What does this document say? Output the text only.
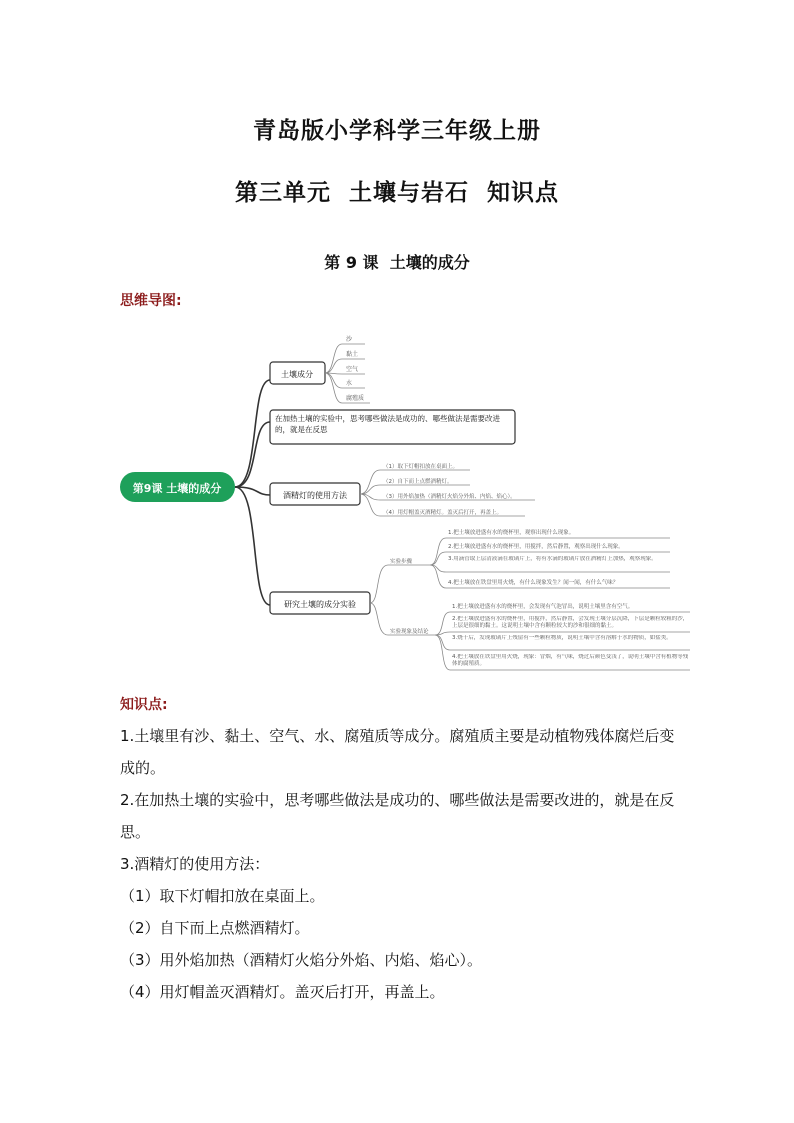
青岛版小学科学三年级上册
第三单元  土壤与岩石  知识点
第 9 课  土壤的成分
思维导图:
第9课 土壤的成分
土壤成分
沙
黏土
空气
水
腐殖质
在加热土壤的实验中，思考哪些做法是成功的、哪些做法是需要改进的，就是在反思
酒精灯的使用方法
（1）取下灯帽扣放在桌面上。
（2）自下而上点燃酒精灯。
（3）用外焰加热（酒精灯火焰分外焰、内焰、焰心）。
（4）用灯帽盖灭酒精灯。盖灭后打开，再盖上。
研究土壤的成分实验
实验步骤
实验现象及结论
1.把土壤放进盛有水的烧杯里，观察出现什么现象。
2.把土壤放进盛有水的烧杯里，用搅拌，然后静置，观察出现什么现象。
3.用滴管取上层清液滴在玻璃片上，将有水滴的玻璃片放在酒精灯上加热，观察现象。
4.把土壤放在铁盘里用火烧，有什么现象发生？闻一闻，有什么气味？
1.把土壤放进盛有水的烧杯里，会发现有气泡冒出，说明土壤里含有空气。
2.把土壤放进盛有水的烧杯里，用搅拌，然后静置，会发现土壤分层沉降，下层是颗粒较粗的沙，上层是很细的黏土。这说明土壤中含有颗粒较大的沙和很细的黏土。
3.烧干后，发现玻璃片上残留有一些颗粒物质，说明土壤中含有溶解于水的物质，如盐类。
4.把土壤放在铁盘里用火烧，现象：冒烟，有气味，烧过后颜色变浅了，说明土壤中含有植物等残体的腐殖质。
知识点:

1.土壤里有沙、黏土、空气、水、腐殖质等成分。腐殖质主要是动植物残体腐烂后变成的。

2.在加热土壤的实验中，思考哪些做法是成功的、哪些做法是需要改进的，就是在反思。

3.酒精灯的使用方法：

（1）取下灯帽扣放在桌面上。

（2）自下而上点燃酒精灯。

（3）用外焰加热（酒精灯火焰分外焰、内焰、焰心）。

（4）用灯帽盖灭酒精灯。盖灭后打开，再盖上。
